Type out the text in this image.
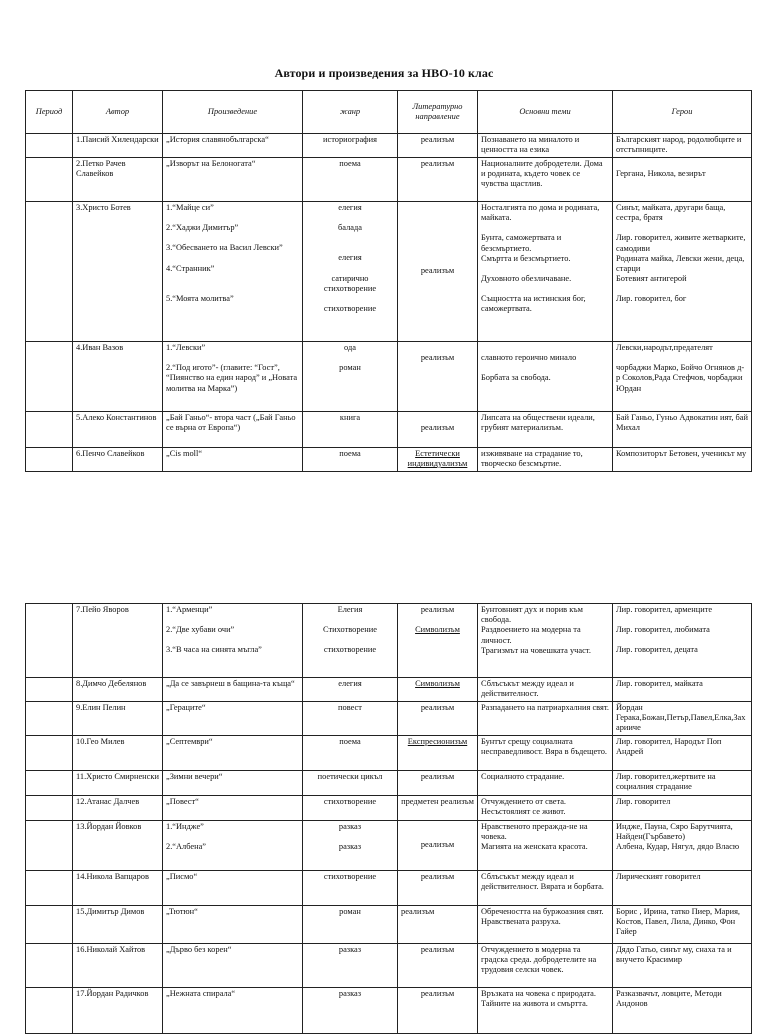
Автори и произведения за НВО-10 клас
Период	Автор	Произведение	жанр	Литературно направление	Основни теми	Герои
	1.Паисий Хилендарски	„История славянобългарска“	историография	реализъм	Познаването на миналото и ценността на езика	Българският народ, родолюбците и отстъпниците.
	2.Петко Рачев Славейков	„Изворът на Белоногата“	поема	реализъм	Националните добродетели. Дома и родината, където човек се чувства щастлив.	Гергана, Никола, везирът
	3.Христо Ботев	1.“Майце си”
2.“Хаджи Димитър”
3.“Обесването на Васил Левски”
4.“Странник”
5.“Моята молитва”	елегия
балада
елегия
сатирично стихотворение
стихотворение	реализъм	Носталгията по дома и родината, майката.
Бунта, саможертвата и безсмъртието.
Смъртта и безсмъртието.
Духовното обезличаване.
Същността на истинския бог, саможертвата.	Синът, майката, другари баща, сестра, братя
Лир. говорител, живите жетварките, самодиви
Родината майка, Левски жени, деца, старци
Ботевият антигерой
Лир. говорител, бог

	4.Иван Вазов	1.“Левски”
2.“Под игото”- (главите: “Гост”, “Пиянство на един народ” и „Новата молитва на Марка”)	ода
роман	реализъм	славното героично минало
Борбата за свобода.	Левски,народът,предателят
чорбаджи Марко, Бойчо Огнянов д-р Соколов,Рада Стефчов, чорбаджи Юрдан

	5.Алеко Константинов	„Бай Ганьо“- втора част („Бай Ганьо се върна от Европа“)	книга	реализъм	Липсата на обществени идеали, грубият материализъм.	Бай Ганьо, Гуньо Адвокатин ият, бай Михал
	6.Пенчо Славейков	„Cis moll“	поема	Естетически индивидуализъм	изживяване на страдание то, творческо безсмъртие.	Композиторът Бетовен, ученикът му
	7.Пейо Яворов	1.“Арменци”
2.“Две хубави очи”
3.“В часа на синята мъгла”	Елегия
Стихотворение
стихотворение	реализъм
Символизъм	Бунтовният дух и порив към свобода.
Раздвоението на модерна та личност.
Трагизмът на човешката участ.	Лир. говорител, арменците
Лир. говорител, любимата
Лир. говорител, децата

	8.Димчо Дебелянов	„Да се завърнеш в бащина-та къща“	елегия	Символизъм	Сблъсъкът между идеал и действителност.	Лир. говорител, майката
	9.Елин Пелин	„Гераците“	повест	реализъм	Разпадането на патриархалния свят.	Йордан Геракa,Божан,Петър,Павел,Елка,Захарииче
	10.Гео Милев	„Септември“	поема	Експресионизъм	Бунтът срещу социалната несправедливост. Вяра в бъдещето.	Лир. говорител, Народът Поп Андрей
	11.Христо Смирненски	„Зимни вечери“	поетически цикъл	реализъм	Социалното страдание.	Лир. говорител,жертвите на социалния страдание
	12.Атанас Далчев	„Повест“	стихотворение	предметен реализъм	Отчуждението от света. Несъстоялият се живот.	Лир. говорител
	13.Йордан Йовков	1.“Индже”
2.“Албена”	разказ
разказ	реализъм	Нравственото преражда-не на човека.
Магията на женската красота.	Индже, Пауна, Сяро Барутчията, Найден(Гърбавето)
Албена, Кудар, Нягул, дядо Власю

	14.Никола Вапцаров	„Писмо“	стихотворение	реализъм	Сблъсъкът между идеал и действителност. Вярата и борбата.	Лирическият говорител
	15.Димитър Димов	„Тютюн“	роман	реализъм	Обречеността на буржоазния свят. Нравствената разруха.	Борис , Ирина, татко Пиер, Мария, Костов, Павел, Лила, Динко, Фон Гайер
	16.Николай Хайтов	„Дърво без корен“	разказ	реализъм	Отчуждението в модерна та градска среда. добродетелите на трудовия селски човек.	Дядо Гатьо, синът му, снаха та и внучето Красимир
	17.Йордан Радичков	„Нежната спирала“	разказ	реализъм	Връзката на човека с природата. Тайните на живота и смъртта.	Разказвачът, ловците, Методи Андонов
